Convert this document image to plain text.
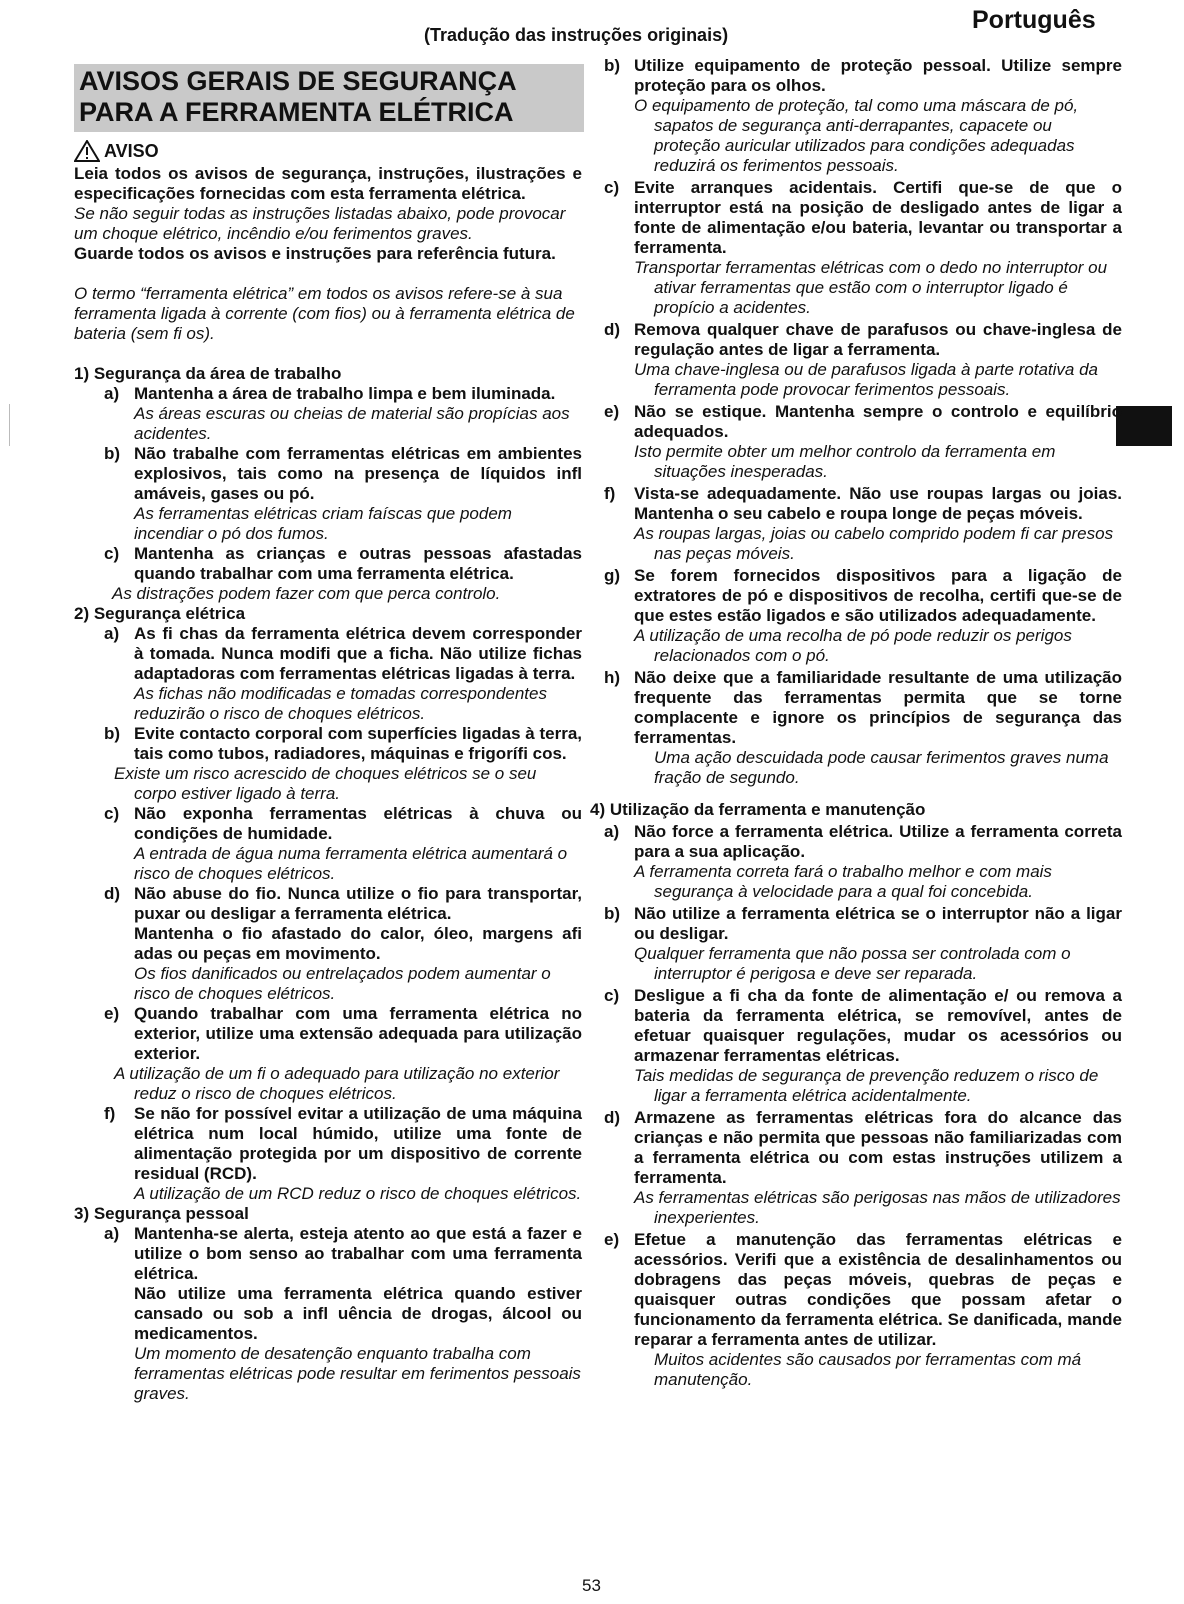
Português
(Tradução das instruções originais)
AVISOS GERAIS DE SEGURANÇA
PARA A FERRAMENTA ELÉTRICA
AVISO

Leia todos os avisos de segurança, instruções, ilustrações e especificações fornecidas com esta ferramenta elétrica.

Se não seguir todas as instruções listadas abaixo, pode provocar um choque elétrico, incêndio e/ou ferimentos graves.

Guarde todos os avisos e instruções para referência futura.

O termo “ferramenta elétrica” em todos os avisos refere-se à sua ferramenta ligada à corrente (com fios) ou à ferramenta elétrica de bateria (sem fi os).

1) Segurança da área de trabalho

a) Mantenha a área de trabalho limpa e bem iluminada.

As áreas escuras ou cheias de material são propícias aos acidentes.

b) Não trabalhe com ferramentas elétricas em ambientes explosivos, tais como na presença de líquidos infl amáveis, gases ou pó.

As ferramentas elétricas criam faíscas que podem incendiar o pó dos fumos.

c) Mantenha as crianças e outras pessoas afastadas quando trabalhar com uma ferramenta elétrica.

As distrações podem fazer com que perca controlo.

2) Segurança elétrica

a) As fi chas da ferramenta elétrica devem corresponder à tomada. Nunca modifi que a ficha. Não utilize fichas adaptadoras com ferramentas elétricas ligadas à terra.

As fichas não modificadas e tomadas correspondentes reduzirão o risco de choques elétricos.

b) Evite contacto corporal com superfícies ligadas à terra, tais como tubos, radiadores, máquinas e frigorífi cos.

Existe um risco acrescido de choques elétricos se o seu corpo estiver ligado à terra.

c) Não exponha ferramentas elétricas à chuva ou condições de humidade.

A entrada de água numa ferramenta elétrica aumentará o risco de choques elétricos.

d) Não abuse do fio. Nunca utilize o fio para transportar, puxar ou desligar a ferramenta elétrica.

Mantenha o fio afastado do calor, óleo, margens afi adas ou peças em movimento.

Os fios danificados ou entrelaçados podem aumentar o risco de choques elétricos.

e) Quando trabalhar com uma ferramenta elétrica no exterior, utilize uma extensão adequada para utilização exterior.

A utilização de um fi o adequado para utilização no exterior reduz o risco de choques elétricos.

f)	Se não for possível evitar a utilização de uma máquina elétrica num local húmido, utilize uma fonte de alimentação protegida por um dispositivo de corrente residual (RCD).

A utilização de um RCD reduz o risco de choques elétricos.

3) Segurança pessoal

a) Mantenha-se alerta, esteja atento ao que está a fazer e utilize o bom senso ao trabalhar com uma ferramenta elétrica.

Não utilize uma ferramenta elétrica quando estiver cansado ou sob a infl uência de drogas, álcool ou medicamentos.

Um momento de desatenção enquanto trabalha com ferramentas elétricas pode resultar em ferimentos pessoais graves.

b) Utilize equipamento de proteção pessoal. Utilize sempre proteção para os olhos.

O equipamento de proteção, tal como uma máscara de pó, sapatos de segurança anti-derrapantes, capacete ou proteção auricular utilizados para condições adequadas reduzirá os ferimentos pessoais.

c) Evite arranques acidentais. Certifi que-se de que o interruptor está na posição de desligado antes de ligar a fonte de alimentação e/ou bateria, levantar ou transportar a ferramenta.

Transportar ferramentas elétricas com o dedo no interruptor ou ativar ferramentas que estão com o interruptor ligado é propício a acidentes.

d) Remova qualquer chave de parafusos ou chave-inglesa de regulação antes de ligar a ferramenta.

Uma chave-inglesa ou de parafusos ligada à parte rotativa da ferramenta pode provocar ferimentos pessoais.

e) Não se estique. Mantenha sempre o controlo e equilíbrio adequados.

Isto permite obter um melhor controlo da ferramenta em situações inesperadas.

f)	Vista-se adequadamente. Não use roupas largas ou joias. Mantenha o seu cabelo e roupa longe de peças móveis.

As roupas largas, joias ou cabelo comprido podem fi car presos nas peças móveis.

g) Se forem fornecidos dispositivos para a ligação de extratores de pó e dispositivos de recolha, certifi que-se de que estes estão ligados e são utilizados adequadamente.

A utilização de uma recolha de pó pode reduzir os perigos relacionados com o pó.

h) Não deixe que a familiaridade resultante de uma utilização frequente das ferramentas permita que se torne complacente e ignore os princípios de segurança das ferramentas.

Uma ação descuidada pode causar ferimentos graves numa fração de segundo.

4) Utilização da ferramenta e manutenção

a) Não force a ferramenta elétrica. Utilize a ferramenta correta para a sua aplicação.

A ferramenta correta fará o trabalho melhor e com mais segurança à velocidade para a qual foi concebida.

b) Não utilize a ferramenta elétrica se o interruptor não a ligar ou desligar.

Qualquer ferramenta que não possa ser controlada com o interruptor é perigosa e deve ser reparada.

c) Desligue a fi cha da fonte de alimentação e/ ou remova a bateria da ferramenta elétrica, se removível, antes de efetuar quaisquer regulações, mudar os acessórios ou armazenar ferramentas elétricas.

Tais medidas de segurança de prevenção reduzem o risco de ligar a ferramenta elétrica acidentalmente.

d) Armazene as ferramentas elétricas fora do alcance das crianças e não permita que pessoas não familiarizadas com a ferramenta elétrica ou com estas instruções utilizem a ferramenta.

As ferramentas elétricas são perigosas nas mãos de utilizadores inexperientes.

e) Efetue a manutenção das ferramentas elétricas e acessórios. Verifi que a existência de desalinhamentos ou dobragens das peças móveis, quebras de peças e quaisquer outras condições que possam afetar o funcionamento da ferramenta elétrica. Se danificada, mande reparar a ferramenta antes de utilizar.

Muitos acidentes são causados por ferramentas com má manutenção.

53
